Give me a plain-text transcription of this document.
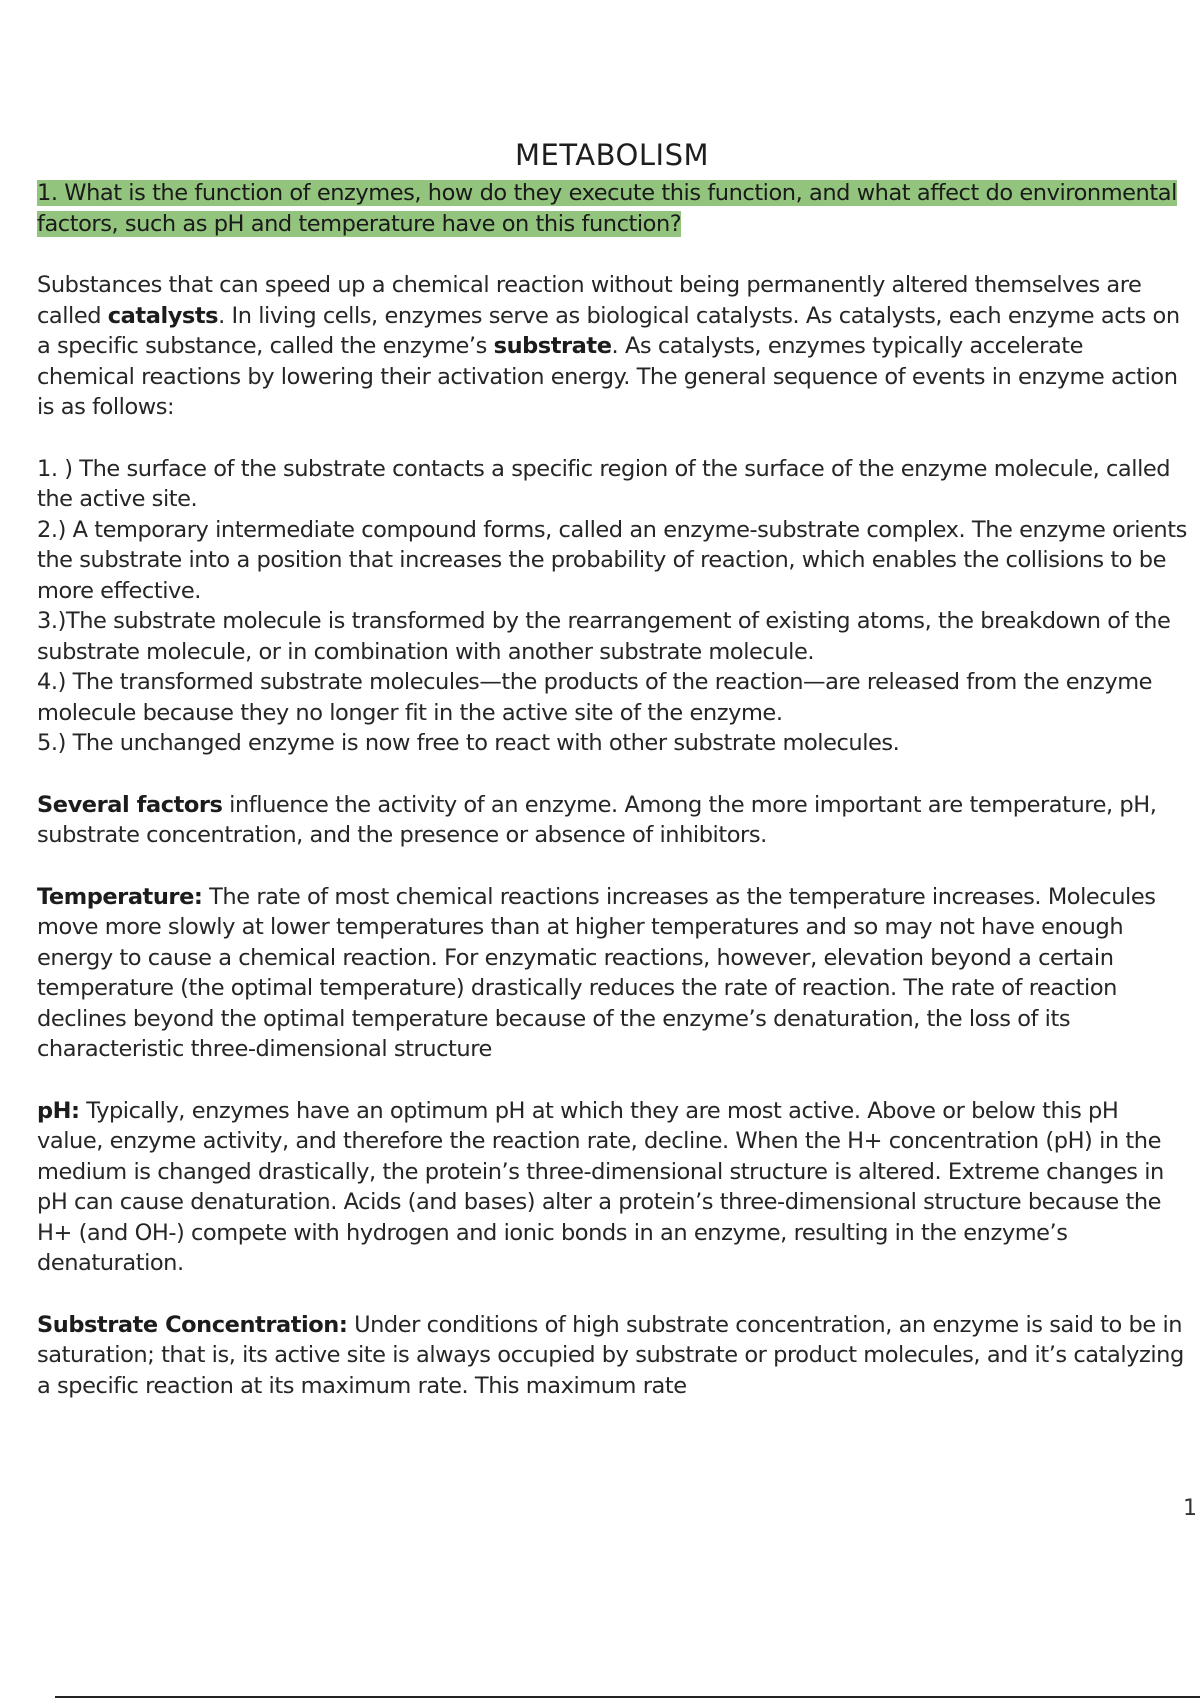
METABOLISM

1. What is the function of enzymes, how do they execute this function, and what affect do environmental factors, such as pH and temperature have on this function?

Substances that can speed up a chemical reaction without being permanently altered themselves are called catalysts. In living cells, enzymes serve as biological catalysts. As catalysts, each enzyme acts on a specific substance, called the enzyme’s substrate. As catalysts, enzymes typically accelerate chemical reactions by lowering their activation energy. The general sequence of events in enzyme action is as follows:

1. ) The surface of the substrate contacts a specific region of the surface of the enzyme molecule, called the active site.

2.) A temporary intermediate compound forms, called an enzyme-substrate complex. The enzyme orients the substrate into a position that increases the probability of reaction, which enables the collisions to be more effective.

3.)The substrate molecule is transformed by the rearrangement of existing atoms, the breakdown of the substrate molecule, or in combination with another substrate molecule.

4.) The transformed substrate molecules—the products of the reaction—are released from the enzyme molecule because they no longer fit in the active site of the enzyme.

5.) The unchanged enzyme is now free to react with other substrate molecules.

Several factors influence the activity of an enzyme. Among the more important are temperature, pH, substrate concentration, and the presence or absence of inhibitors.

Temperature: The rate of most chemical reactions increases as the temperature increases. Molecules move more slowly at lower temperatures than at higher temperatures and so may not have enough energy to cause a chemical reaction. For enzymatic reactions, however, elevation beyond a certain temperature (the optimal temperature) drastically reduces the rate of reaction. The rate of reaction declines beyond the optimal temperature because of the enzyme’s denaturation, the loss of its characteristic three-dimensional structure

pH: Typically, enzymes have an optimum pH at which they are most active. Above or below this pH value, enzyme activity, and therefore the reaction rate, decline. When the H+ concentration (pH) in the medium is changed drastically, the protein’s three-dimensional structure is altered. Extreme changes in pH can cause denaturation. Acids (and bases) alter a protein’s three-dimensional structure because the H+ (and OH-) compete with hydrogen and ionic bonds in an enzyme, resulting in the enzyme’s denaturation.

Substrate Concentration: Under conditions of high substrate concentration, an enzyme is said to be in saturation; that is, its active site is always occupied by substrate or product molecules, and it’s catalyzing a specific reaction at its maximum rate. This maximum rate

1
